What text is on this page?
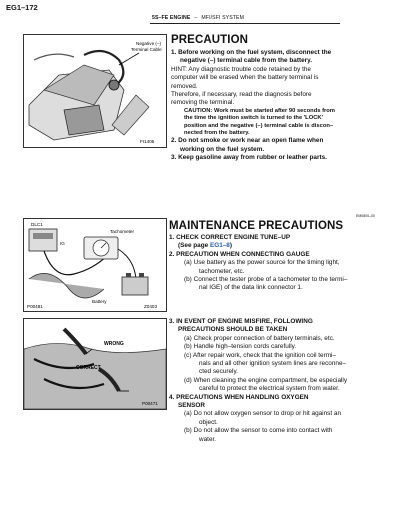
EG1–172
5S–FE ENGINE – MFI/SFI SYSTEM
Negative (–)
Terminal Cable
FI1405
DLC1
IG
Tachometer
Battery
P00481	Z0403
WRONG
CORRECT
P00471
PRECAUTION

1. Before working on the fuel system, disconnect the

negative (–) terminal cable from the battery.

HINT: Any diagnostic trouble code retained by the

computer will be erased when the battery terminal is

removed.

Therefore, if necessary, read the diagnosis before

removing the terminal.

CAUTION: Work must be started after 90 seconds from

the time the ignition switch is turned to the 'LOCK'

position and the negative (–) terminal cable is discon–

nected from the battery.

2. Do not smoke or work near an open flame when

working on the fuel system.

3. Keep gasoline away from rubber or leather parts.

EM0800–00
MAINTENANCE PRECAUTIONS

1. CHECK CORRECT ENGINE TUNE–UP

(See page EG1–8)

2. PRECAUTION WHEN CONNECTING GAUGE

(a) Use battery as the power source for the timing light,

tachometer, etc.

(b) Connect the tester probe of a tachometer to the termi–

nal IGE) of the data link connector 1.

3. IN EVENT OF ENGINE MISFIRE, FOLLOWING

PRECAUTIONS SHOULD BE TAKEN

(a) Check proper connection of battery terminals, etc.

(b) Handle high–tension cords carefully.

(c) After repair work, check that the ignition coil termi–

nals and all other ignition system lines are reconne–

cted securely.

(d) When cleaning the engine compartment, be especially

careful to protect the electrical system from water.

4. PRECAUTIONS WHEN HANDLING OXYGEN

SENSOR

(a) Do not allow oxygen sensor to drop or hit against an

object.

(b) Do not allow the sensor to come into contact with

water.
